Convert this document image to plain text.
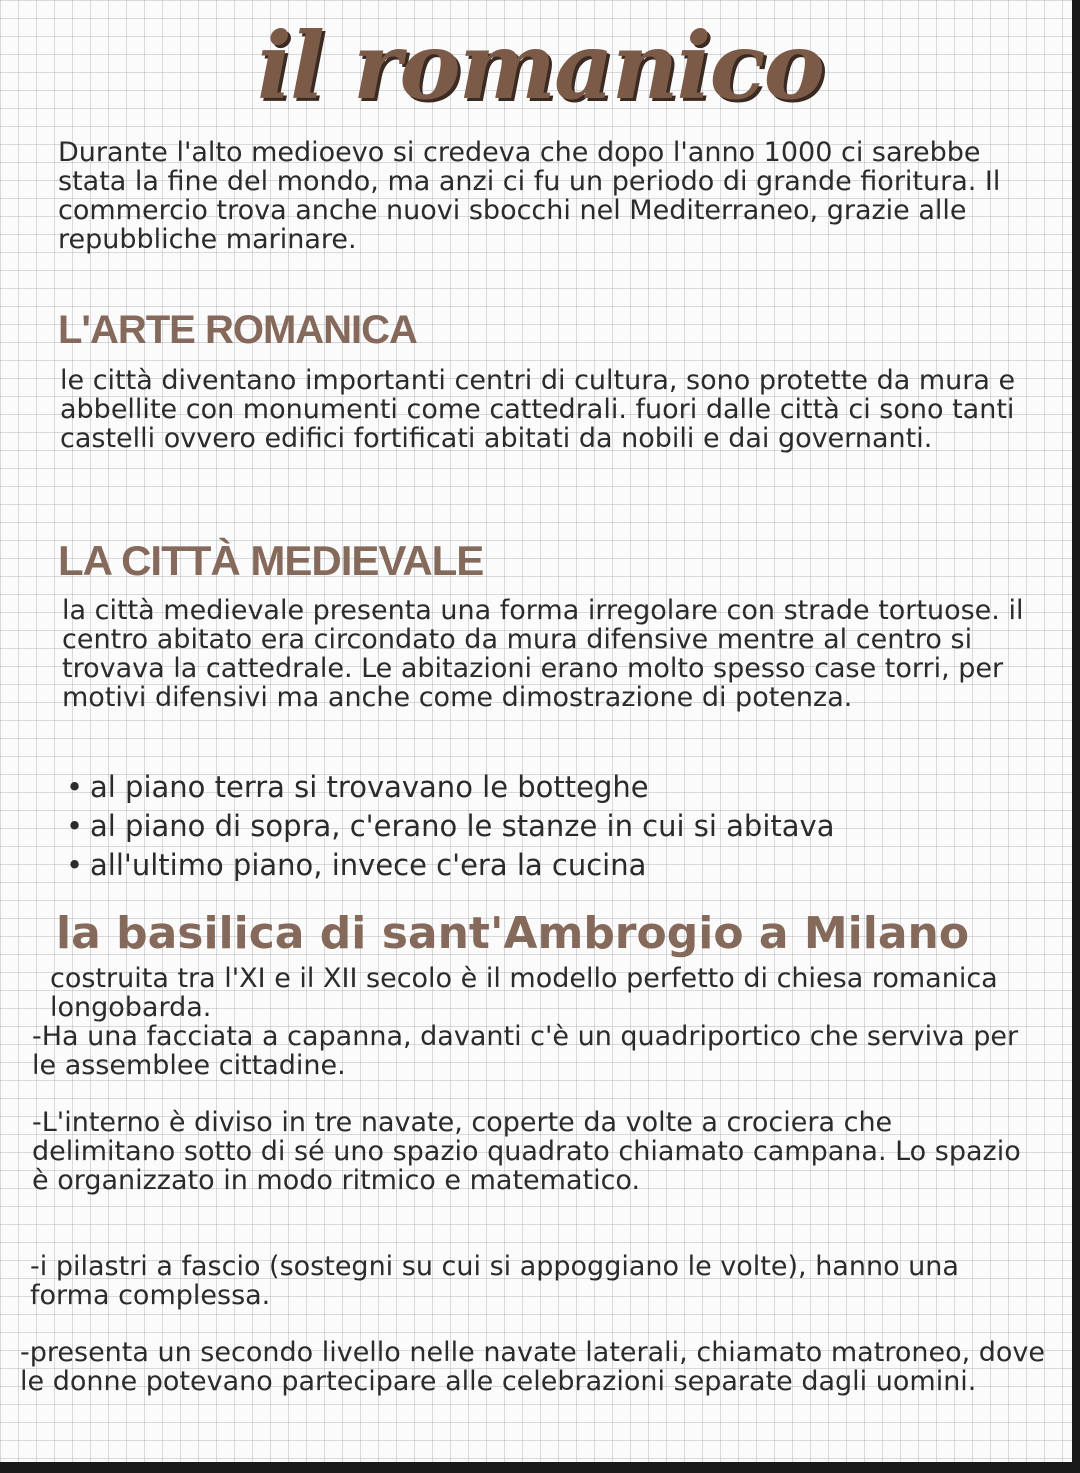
il romanico

Durante l'alto medioevo si credeva che dopo l'anno 1000 ci sarebbe stata la fine del mondo, ma anzi ci fu un periodo di grande fioritura. Il commercio trova anche nuovi sbocchi nel Mediterraneo, grazie alle repubbliche marinare.

L'ARTE ROMANICA

le città diventano importanti centri di cultura, sono protette da mura e abbellite con monumenti come cattedrali. fuori dalle città ci sono tanti castelli ovvero edifici fortificati abitati da nobili e dai governanti.

LA CITTÀ MEDIEVALE

la città medievale presenta una forma irregolare con strade tortuose. il centro abitato era circondato da mura difensive mentre al centro si trovava la cattedrale. Le abitazioni erano molto spesso case torri, per motivi difensivi ma anche come dimostrazione di potenza.

• al piano terra si trovavano le botteghe
• al piano di sopra, c'erano le stanze in cui si abitava
• all'ultimo piano, invece c'era la cucina
la basilica di sant'Ambrogio a Milano

costruita tra l'XI e il XII secolo è il modello perfetto di chiesa romanica longobarda.

-Ha una facciata a capanna, davanti c'è un quadriportico che serviva per le assemblee cittadine.

-L'interno è diviso in tre navate, coperte da volte a crociera che delimitano sotto di sé uno spazio quadrato chiamato campana. Lo spazio è organizzato in modo ritmico e matematico.

-i pilastri a fascio (sostegni su cui si appoggiano le volte), hanno una forma complessa.

-presenta un secondo livello nelle navate laterali, chiamato matroneo, dove le donne potevano partecipare alle celebrazioni separate dagli uomini.
